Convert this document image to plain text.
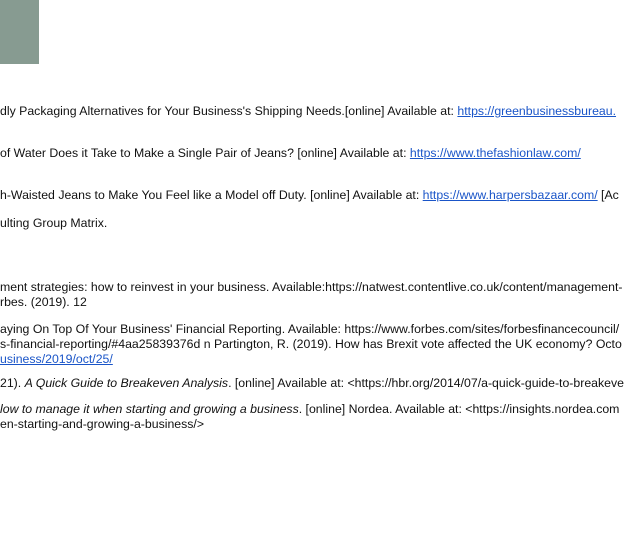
dly Packaging Alternatives for Your Business's Shipping Needs.[online] Available at: https://greenbusinessbureau.
of Water Does it Take to Make a Single Pair of Jeans? [online] Available at: https://www.thefashionlaw.com/
h-Waisted Jeans to Make You Feel like a Model off Duty. [online] Available at: https://www.harpersbazaar.com/ [Ac
ulting Group Matrix.
ment strategies: how to reinvest in your business. Available:https://natwest.contentlive.co.uk/content/management-
rbes. (2019). 12
aying On Top Of Your Business' Financial Reporting. Available: https://www.forbes.com/sites/forbesfinancecouncil/
s-financial-reporting/#4aa25839376d n Partington, R. (2019). How has Brexit vote affected the UK economy? Octo
usiness/2019/oct/25/
21). A Quick Guide to Breakeven Analysis. [online] Available at: <https://hbr.org/2014/07/a-quick-guide-to-breakeve
low to manage it when starting and growing a business. [online] Nordea. Available at: <https://insights.nordea.com
en-starting-and-growing-a-business/>
